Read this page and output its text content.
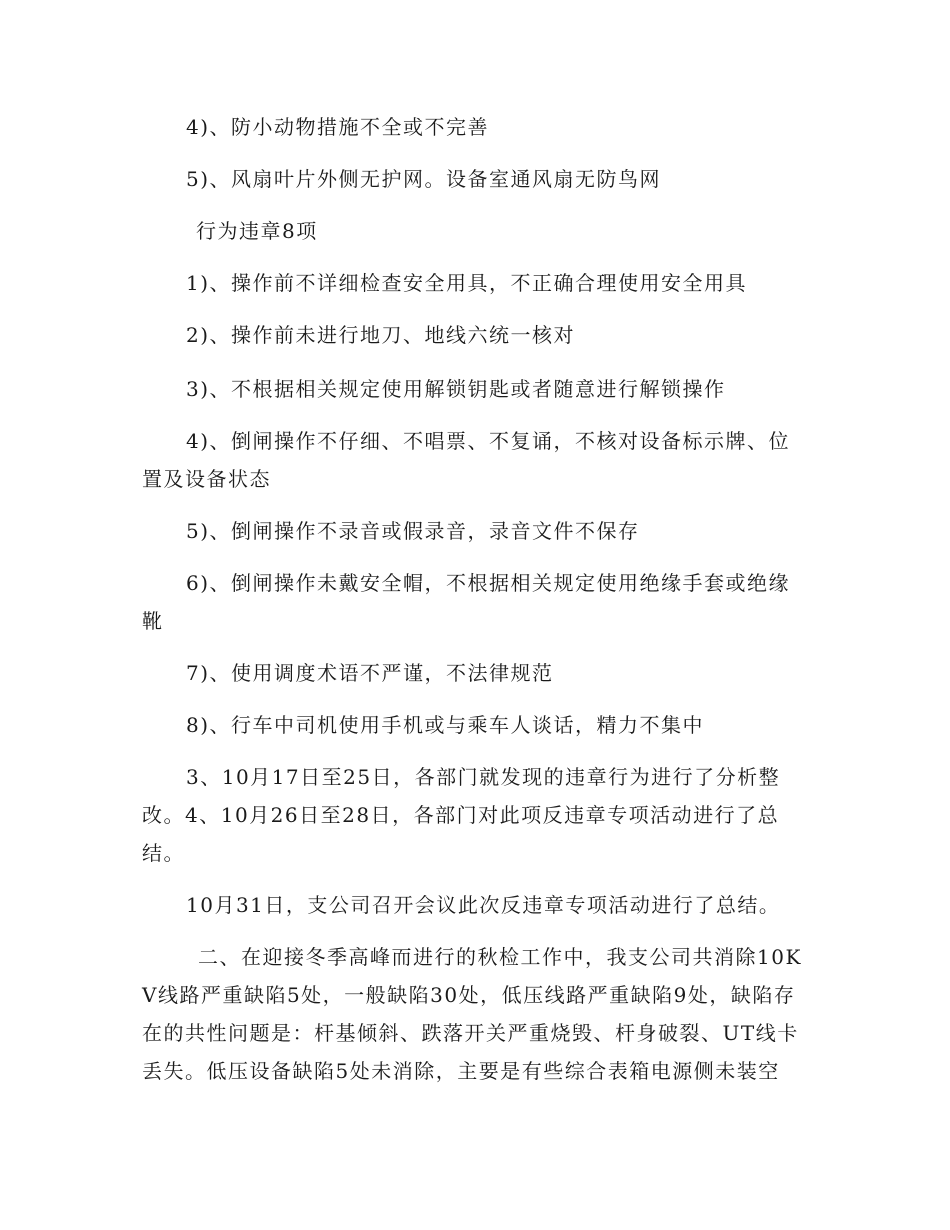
4)、防小动物措施不全或不完善

5)、风扇叶片外侧无护网。设备室通风扇无防鸟网

行为违章8项

1)、操作前不详细检查安全用具，不正确合理使用安全用具

2)、操作前未进行地刀、地线六统一核对

3)、不根据相关规定使用解锁钥匙或者随意进行解锁操作

4)、倒闸操作不仔细、不唱票、不复诵，不核对设备标示牌、位置及设备状态

5)、倒闸操作不录音或假录音，录音文件不保存

6)、倒闸操作未戴安全帽，不根据相关规定使用绝缘手套或绝缘靴

7)、使用调度术语不严谨，不法律规范

8)、行车中司机使用手机或与乘车人谈话，精力不集中

3、10月17日至25日，各部门就发现的违章行为进行了分析整改。4、10月26日至28日，各部门对此项反违章专项活动进行了总结。

10月31日，支公司召开会议此次反违章专项活动进行了总结。

二、在迎接冬季高峰而进行的秋检工作中，我支公司共消除10KV线路严重缺陷5处，一般缺陷30处，低压线路严重缺陷9处，缺陷存在的共性问题是：杆基倾斜、跌落开关严重烧毁、杆身破裂、UT线卡丢失。低压设备缺陷5处未消除，主要是有些综合表箱电源侧未装空
